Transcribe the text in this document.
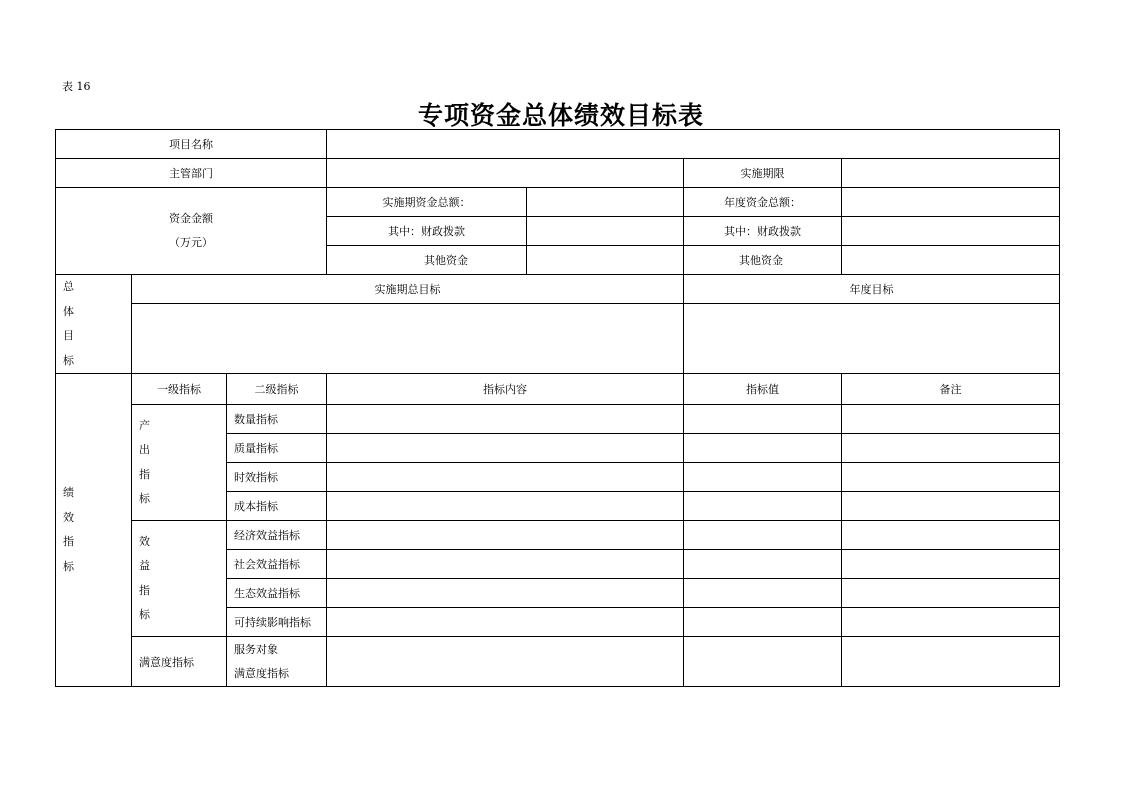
表 16
专项资金总体绩效目标表
项目名称						
主管部门					实施期限	

资金金额
（万元）			实施期资金总额：		年度资金总额：	
			其中：财政拨款		其中：财政拨款	
			其他资金		其他资金	

总
体
目
标	实施期总目标				年度目标	

绩
效
指
标	一级指标	二级指标	指标内容		指标值	备注

	产
出
指
标	数量指标				
		质量指标				
		时效指标				
		成本指标				

	效
益
指
标	经济效益指标				
		社会效益指标				
		生态效益指标				
		可持续影响指标				
	满意度指标	服务对象
满意度指标				
